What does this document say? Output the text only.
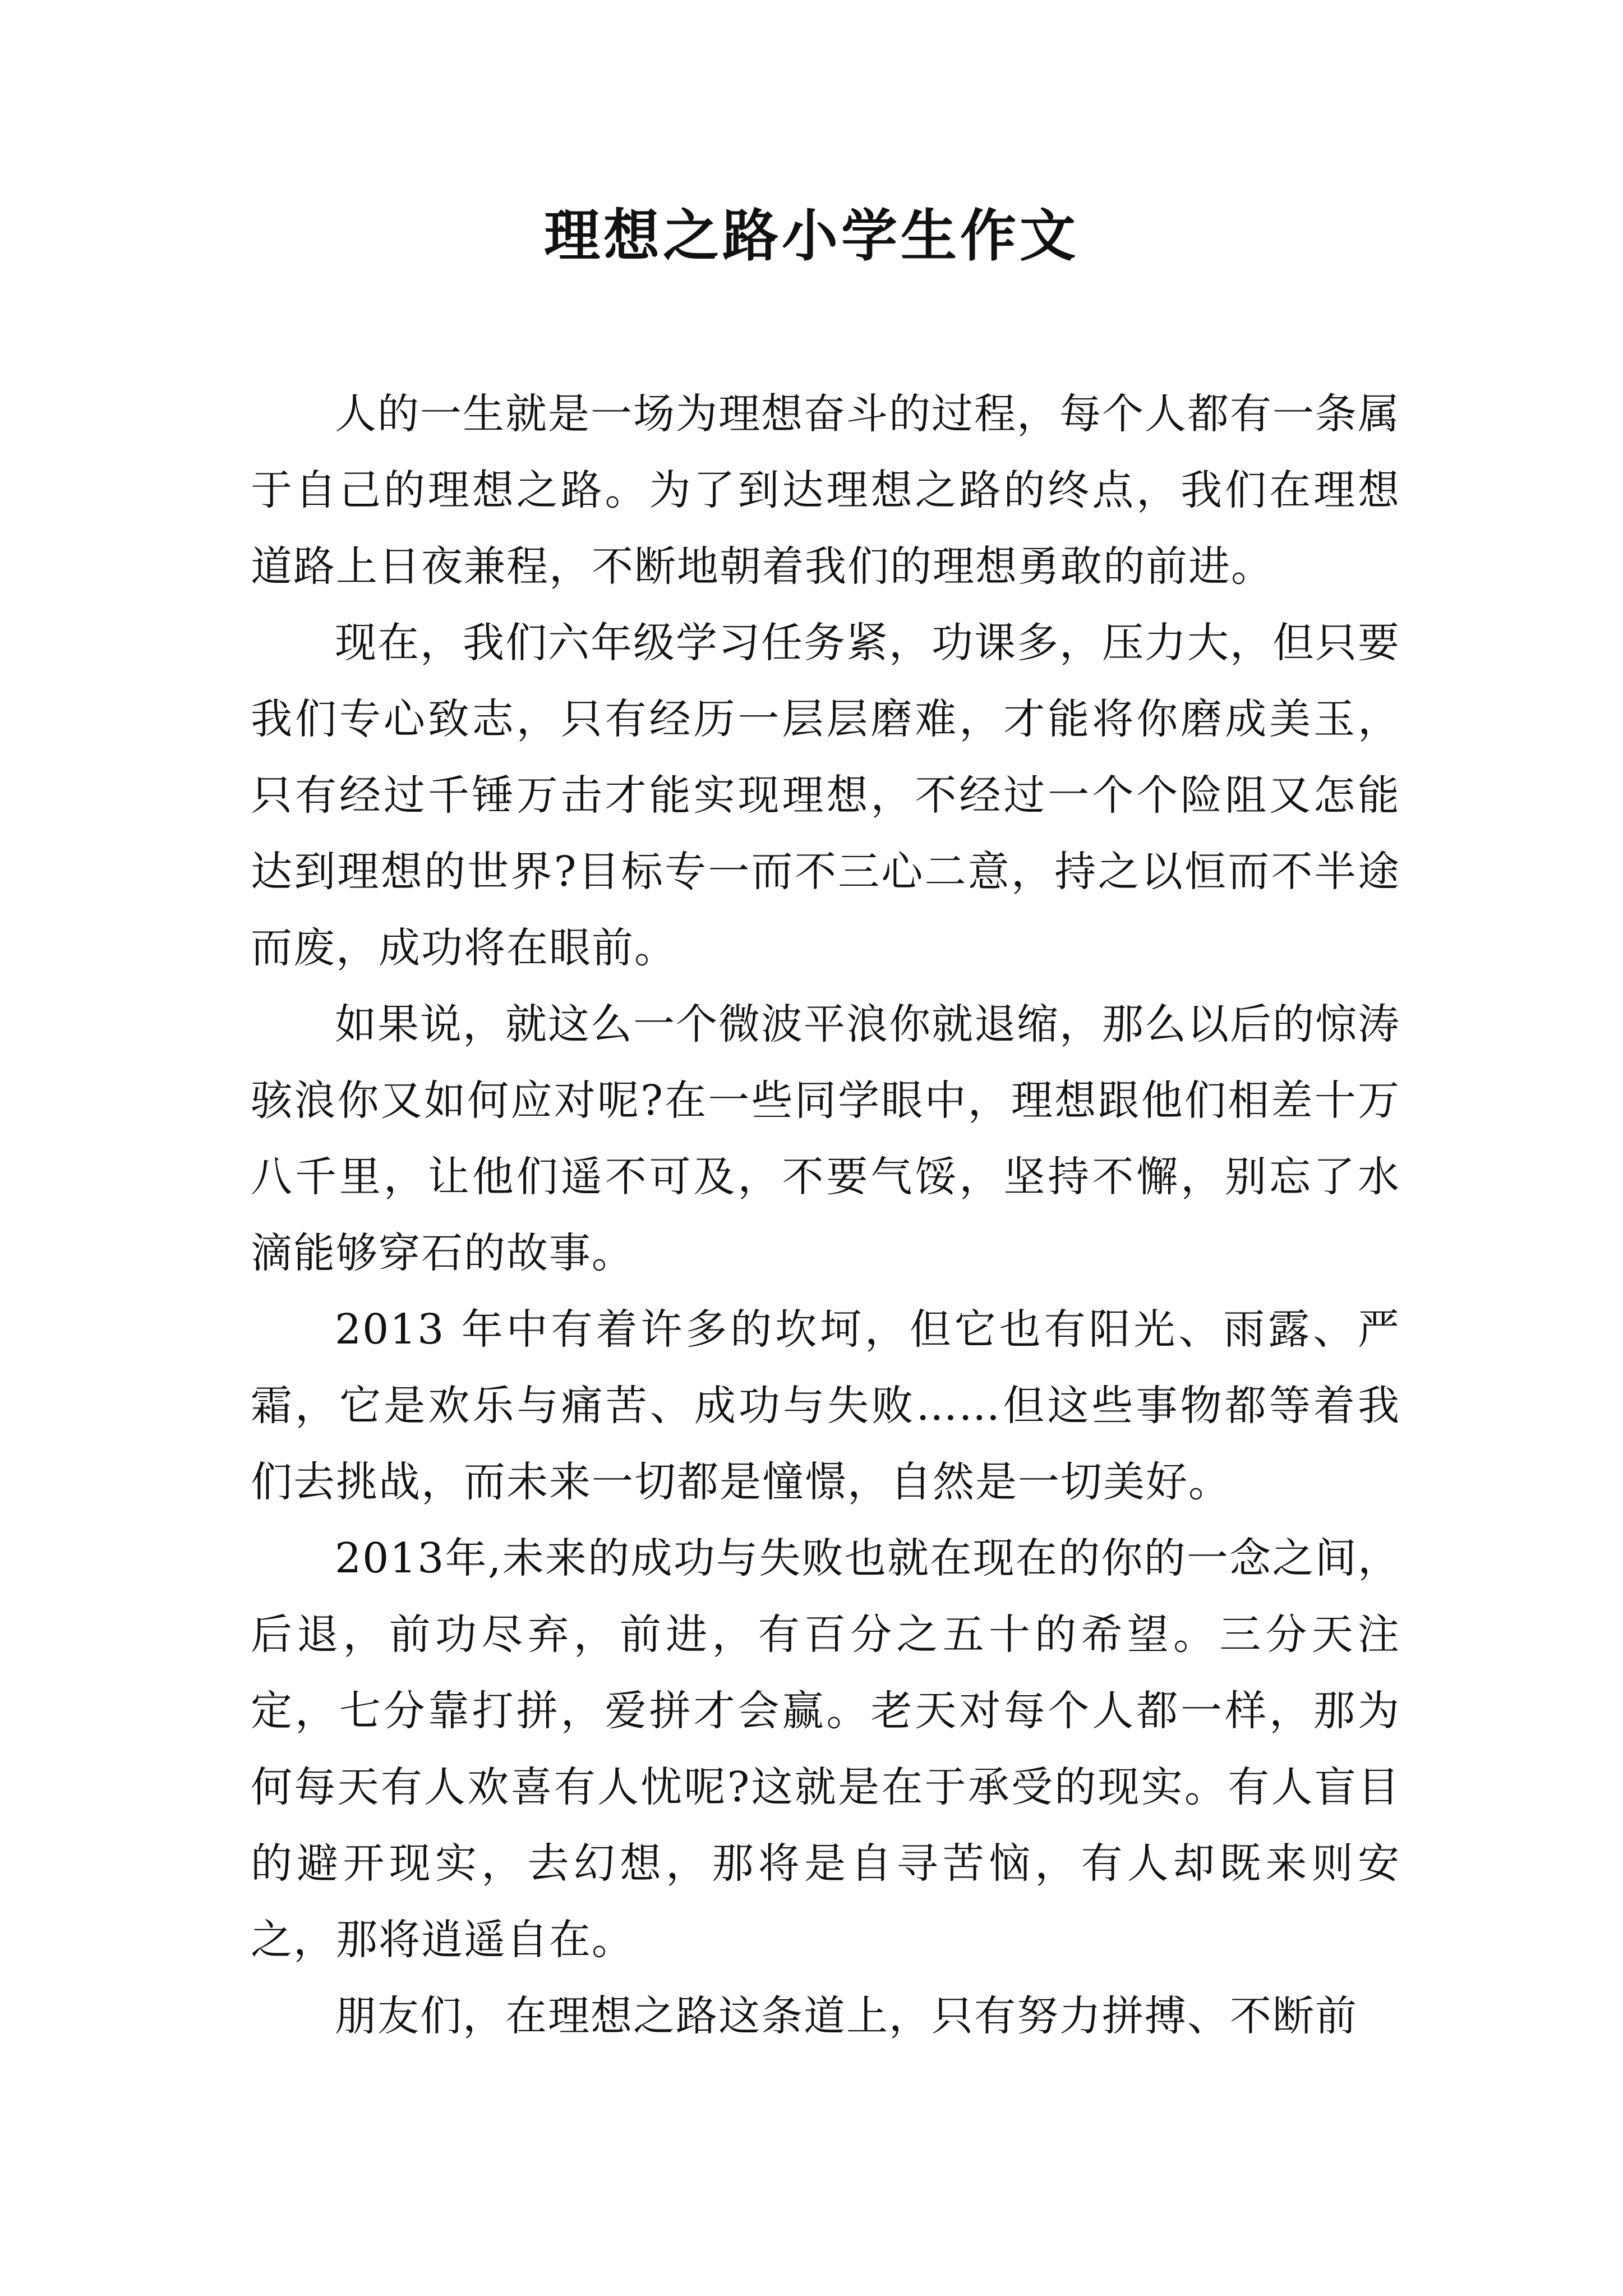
理想之路小学生作文

人的一生就是一场为理想奋斗的过程，每个人都有一条属于自己的理想之路。为了到达理想之路的终点，我们在理想道路上日夜兼程，不断地朝着我们的理想勇敢的前进。

现在，我们六年级学习任务紧，功课多，压力大，但只要我们专心致志，只有经历一层层磨难，才能将你磨成美玉，只有经过千锤万击才能实现理想，不经过一个个险阻又怎能达到理想的世界?目标专一而不三心二意，持之以恒而不半途而废，成功将在眼前。

如果说，就这么一个微波平浪你就退缩，那么以后的惊涛骇浪你又如何应对呢?在一些同学眼中，理想跟他们相差十万八千里，让他们遥不可及，不要气馁，坚持不懈，别忘了水滴能够穿石的故事。

2013 年中有着许多的坎坷，但它也有阳光、雨露、严霜，它是欢乐与痛苦、成功与失败……但这些事物都等着我们去挑战，而未来一切都是憧憬，自然是一切美好。

2013年,未来的成功与失败也就在现在的你的一念之间，后退，前功尽弃，前进，有百分之五十的希望。三分天注定，七分靠打拼，爱拼才会赢。老天对每个人都一样，那为何每天有人欢喜有人忧呢?这就是在于承受的现实。有人盲目的避开现实，去幻想，那将是自寻苦恼，有人却既来则安之，那将逍遥自在。

朋友们，在理想之路这条道上，只有努力拼搏、不断前
